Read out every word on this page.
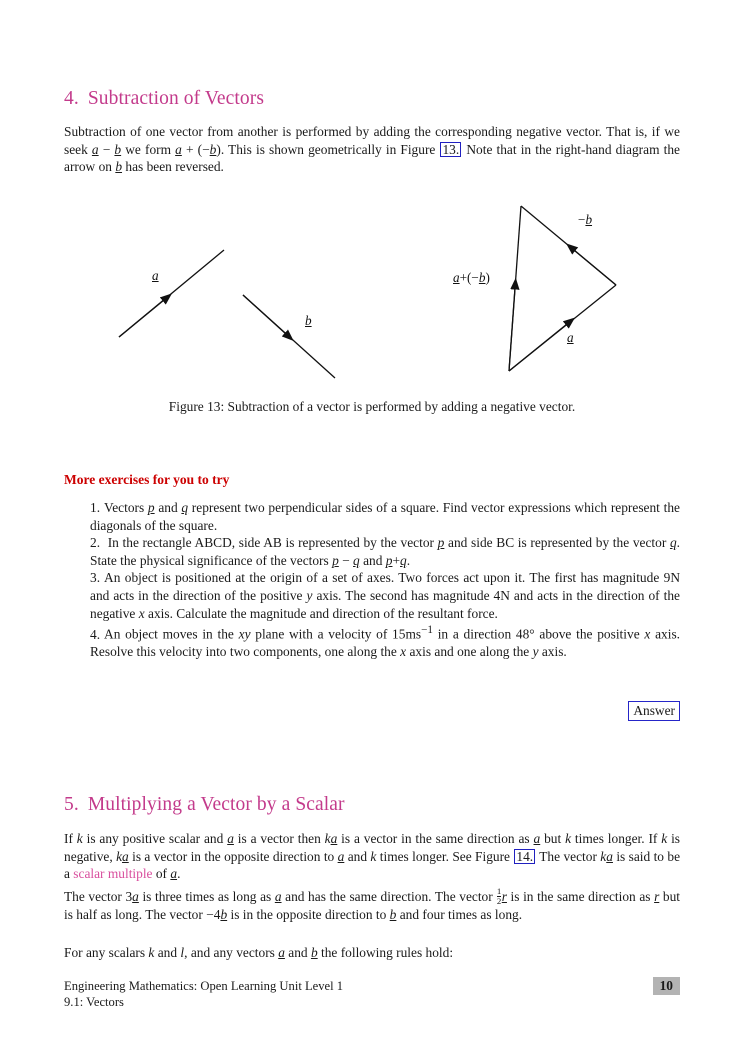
4. Subtraction of Vectors
Subtraction of one vector from another is performed by adding the corresponding negative vector. That is, if we seek a − b we form a + (−b). This is shown geometrically in Figure 13. Note that in the right-hand diagram the arrow on b has been reversed.
a
b
a+(−b)
−b
a
Figure 13: Subtraction of a vector is performed by adding a negative vector.
More exercises for you to try
1. Vectors p and q represent two perpendicular sides of a square. Find vector expressions which represent the diagonals of the square.
2. In the rectangle ABCD, side AB is represented by the vector p and side BC is represented by the vector q. State the physical significance of the vectors p − q and p+q.
3. An object is positioned at the origin of a set of axes. Two forces act upon it. The first has magnitude 9N and acts in the direction of the positive y axis. The second has magnitude 4N and acts in the direction of the negative x axis. Calculate the magnitude and direction of the resultant force.
4. An object moves in the xy plane with a velocity of $15ms^{-1}$ in a direction 48° above the positive x axis. Resolve this velocity into two components, one along the x axis and one along the y axis.
Answer
5. Multiplying a Vector by a Scalar
If k is any positive scalar and a is a vector then ka is a vector in the same direction as a but k times longer. If k is negative, ka is a vector in the opposite direction to a and k times longer. See Figure 14. The vector ka is said to be a scalar multiple of a.
The vector 3a is three times as long as a and has the same direction. The vector $\frac{1}{2}$ r is in the same direction as r but is half as long. The vector −4b is in the opposite direction to b and four times as long.
For any scalars k and l, and any vectors a and b the following rules hold:
Engineering Mathematics: Open Learning Unit Level 1
9.1: Vectors
10
